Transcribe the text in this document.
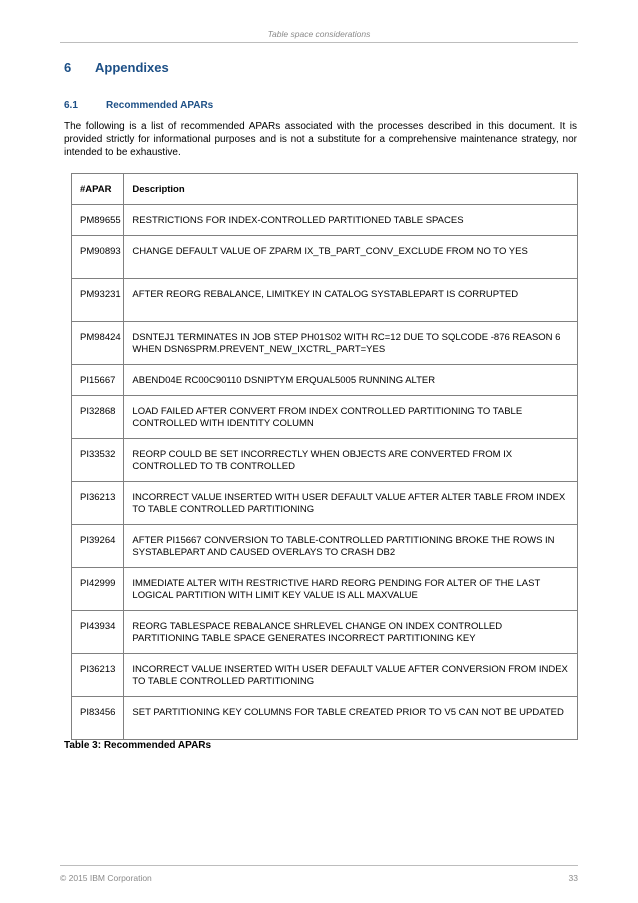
Table space considerations
6 Appendixes
6.1	Recommended APARs

The following is a list of recommended APARs associated with the processes described in this document. It is provided strictly for informational purposes and is not a substitute for a comprehensive maintenance strategy, nor intended to be exhaustive.

#APAR	Description
PM89655	RESTRICTIONS FOR INDEX-CONTROLLED PARTITIONED TABLE SPACES
PM90893	CHANGE DEFAULT VALUE OF ZPARM IX_TB_PART_CONV_EXCLUDE FROM NO TO YES
PM93231	AFTER REORG REBALANCE, LIMITKEY IN CATALOG SYSTABLEPART IS CORRUPTED
PM98424	DSNTEJ1 TERMINATES IN JOB STEP PH01S02 WITH RC=12 DUE TO SQLCODE -876 REASON 6 WHEN DSN6SPRM.PREVENT_NEW_IXCTRL_PART=YES
PI15667	ABEND04E RC00C90110 DSNIPTYM ERQUAL5005 RUNNING ALTER
PI32868	LOAD FAILED AFTER CONVERT FROM INDEX CONTROLLED PARTITIONING TO TABLE CONTROLLED WITH IDENTITY COLUMN
PI33532	REORP COULD BE SET INCORRECTLY WHEN OBJECTS ARE CONVERTED FROM IX CONTROLLED TO TB CONTROLLED
PI36213	INCORRECT VALUE INSERTED WITH USER DEFAULT VALUE AFTER ALTER TABLE FROM INDEX TO TABLE CONTROLLED PARTITIONING
PI39264	AFTER PI15667 CONVERSION TO TABLE-CONTROLLED PARTITIONING BROKE THE ROWS IN SYSTABLEPART AND CAUSED OVERLAYS TO CRASH DB2
PI42999	IMMEDIATE ALTER WITH RESTRICTIVE HARD REORG PENDING FOR ALTER OF THE LAST LOGICAL PARTITION WITH LIMIT KEY VALUE IS ALL MAXVALUE
PI43934	REORG TABLESPACE REBALANCE SHRLEVEL CHANGE ON INDEX CONTROLLED PARTITIONING TABLE SPACE GENERATES INCORRECT PARTITIONING KEY
PI36213	INCORRECT VALUE INSERTED WITH USER DEFAULT VALUE AFTER CONVERSION FROM INDEX TO TABLE CONTROLLED PARTITIONING
PI83456	SET PARTITIONING KEY COLUMNS FOR TABLE CREATED PRIOR TO V5 CAN NOT BE UPDATED
Table 3: Recommended APARs
© 2015 IBM Corporation	33
